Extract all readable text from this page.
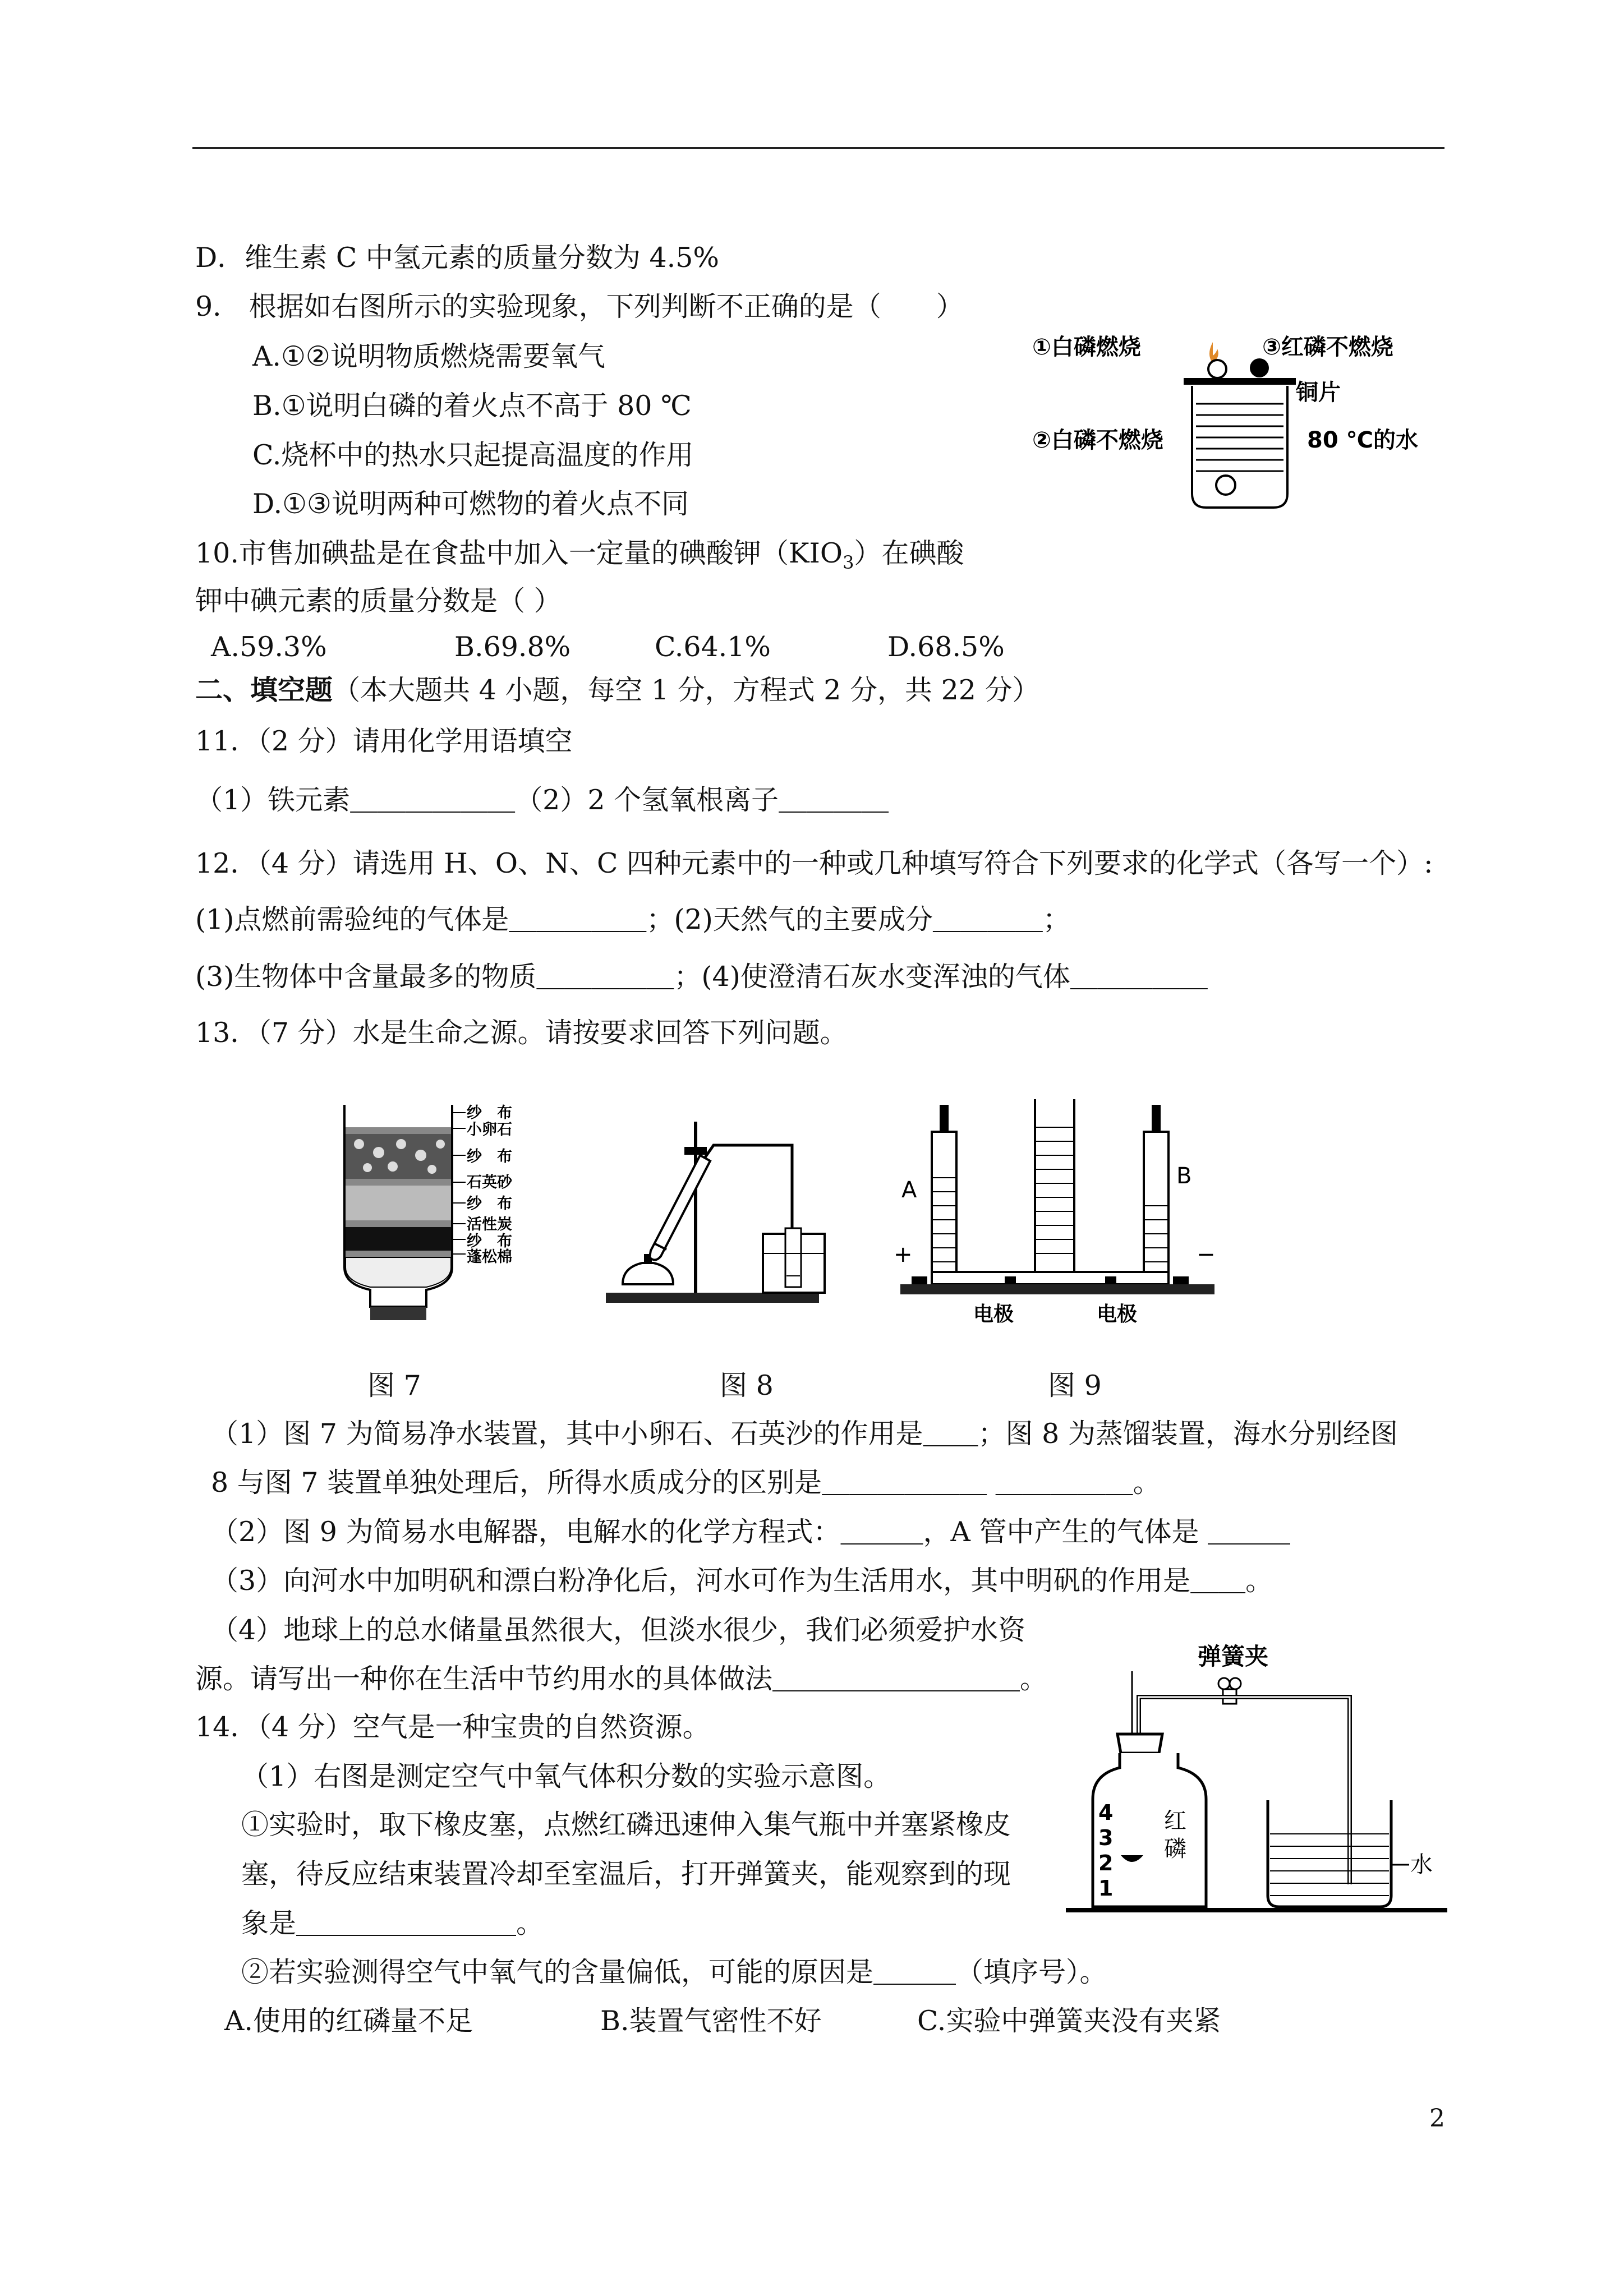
D．维生素 C 中氢元素的质量分数为 4.5%
9． 根据如右图所示的实验现象，下列判断不正确的是（　　）
A.①②说明物质燃烧需要氧气
B.①说明白磷的着火点不高于 80 ℃
C.烧杯中的热水只起提高温度的作用
D.①③说明两种可燃物的着火点不同
①白磷燃烧	③红磷不燃烧
铜片
②白磷不燃烧	80 ℃的水
10.市售加碘盐是在食盐中加入一定量的碘酸钾$(KIO_3)$在碘酸
钾中碘元素的质量分数是（ ）
A.59.3%	B.69.8%	C.64.1%	D.68.5%
二、填空题（本大题共 4 小题，每空 1 分，方程式 2 分，共 22 分）
11．（2 分）请用化学用语填空
（1）铁元素＿＿＿＿＿＿（2）2 个氢氧根离子＿＿＿＿
12．（4 分）请选用 H、O、N、C 四种元素中的一种或几种填写符合下列要求的化学式（各写一个）:
(1)点燃前需验纯的气体是＿＿＿＿＿；(2)天然气的主要成分＿＿＿＿；
(3)生物体中含量最多的物质＿＿＿＿＿；(4)使澄清石灰水变浑浊的气体＿＿＿＿＿
13．（7 分）水是生命之源。请按要求回答下列问题。
纱　布
小卵石
纱　布
石英砂
纱　布
活性炭
纱　布
蓬松棉
图 7	图 8
A
B
+	−
电极	电极
图 9
（1）图 7 为简易净水装置，其中小卵石、石英沙的作用是＿＿；图 8 为蒸馏装置，海水分别经图
8 与图 7 装置单独处理后，所得水质成分的区别是＿＿＿＿＿＿ ＿＿＿＿＿。
（2）图 9 为简易水电解器，电解水的化学方程式：＿＿＿，A 管中产生的气体是 ＿＿＿
（3）向河水中加明矾和漂白粉净化后，河水可作为生活用水，其中明矾的作用是＿＿。
（4）地球上的总水储量虽然很大，但淡水很少，我们必须爱护水资
源。请写出一种你在生活中节约用水的具体做法＿＿＿＿＿＿＿＿＿。
14．（4 分）空气是一种宝贵的自然资源。
（1）右图是测定空气中氧气体积分数的实验示意图。
①实验时，取下橡皮塞，点燃红磷迅速伸入集气瓶中并塞紧橡皮
塞，待反应结束装置冷却至室温后，打开弹簧夹，能观察到的现
象是＿＿＿＿＿＿＿＿。
②若实验测得空气中氧气的含量偏低，可能的原因是＿＿＿（填序号）。
A.使用的红磷量不足	B.装置气密性不好	C.实验中弹簧夹没有夹紧
弹簧夹
4
3
2
1
红
磷
水
2
